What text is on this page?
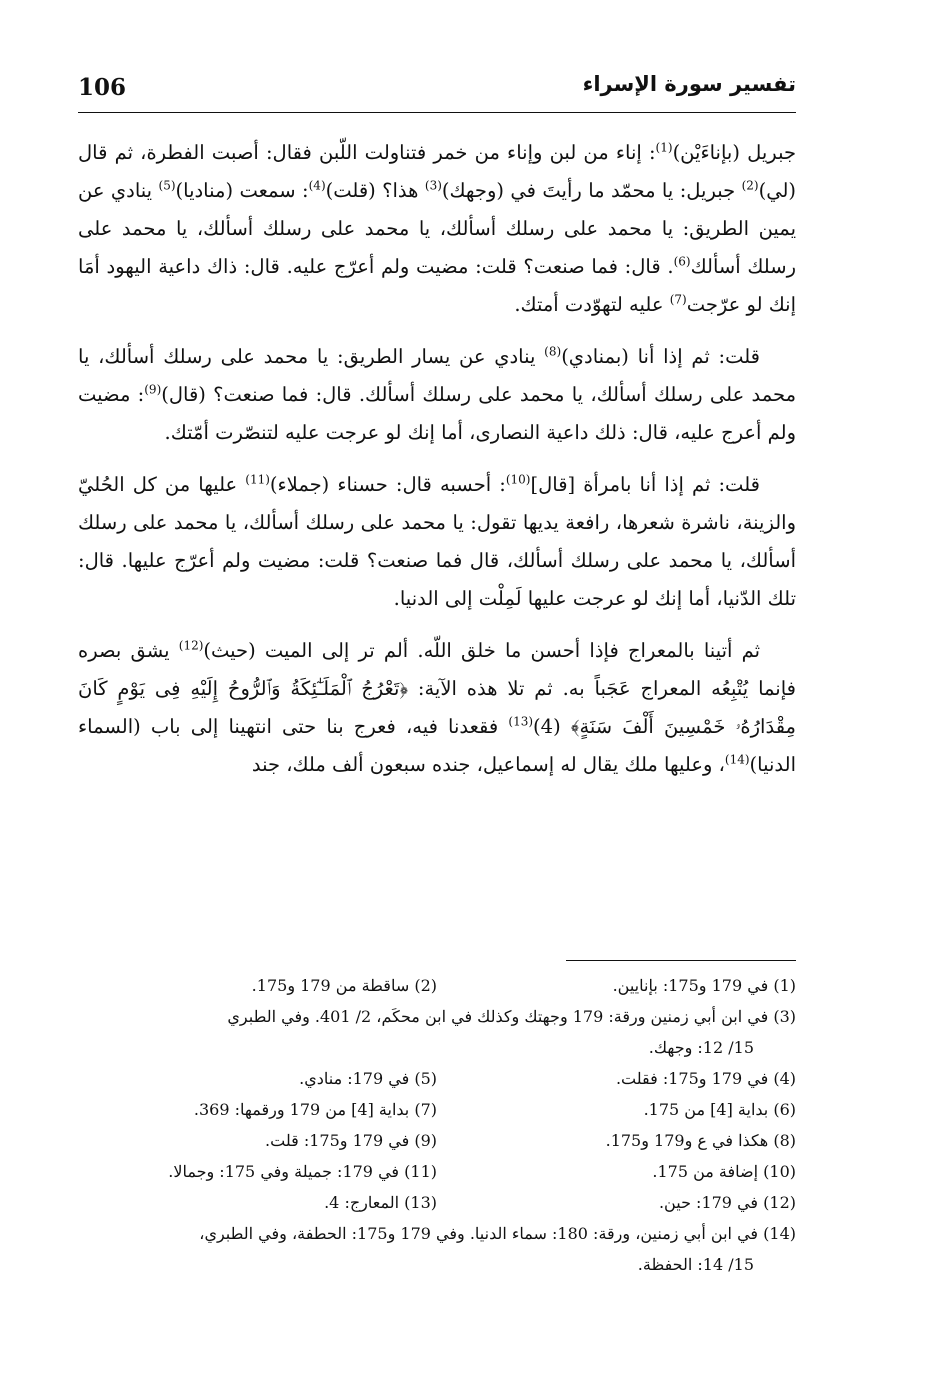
106	تفسير سورة الإسراء

جبريل (بإناءَيْن)$^{(1)}$: إناء من لبن وإناء من خمر فتناولت اللّبن فقال: أصبت الفطرة، ثم قال (لي)$^{(2)}$ جبريل: يا محمّد ما رأيتَ في (وجهك)$^{(3)}$ هذا؟ (قلت)$^{(4)}$: سمعت (مناديا)$^{(5)}$ ينادي عن يمين الطريق: يا محمد على رسلك أسألك، يا محمد على رسلك أسألك، يا محمد على رسلك أسألك$^{(6)}$. قال: فما صنعت؟ قلت: مضيت ولم أعرّج عليه. قال: ذاك داعية اليهود أمَا إنك لو عرّجت$^{(7)}$ عليه لتهوّدت أمتك.

قلت: ثم إذا أنا (بمنادي)$^{(8)}$ ينادي عن يسار الطريق: يا محمد على رسلك أسألك، يا محمد على رسلك أسألك، يا محمد على رسلك أسألك. قال: فما صنعت؟ (قال)$^{(9)}$: مضيت ولم أعرج عليه، قال: ذلك داعية النصارى، أما إنك لو عرجت عليه لتنصّرت أمّتك.

قلت: ثم إذا أنا بامرأة [قال]$^{(10)}$: أحسبه قال: حسناء (جملاء)$^{(11)}$ عليها من كل الحُليّ والزينة، ناشرة شعرها، رافعة يديها تقول: يا محمد على رسلك أسألك، يا محمد على رسلك أسألك، يا محمد على رسلك أسألك، قال فما صنعت؟ قلت: مضيت ولم أعرّج عليها. قال: تلك الدّنيا، أما إنك لو عرجت عليها لَمِلْت إلى الدنيا.

ثم أتينا بالمعراج فإذا أحسن ما خلق اللّه. ألم تر إلى الميت (حيث)$^{(12)}$ يشق بصره فإنما يُتْبِعُه المعراج عَجَباً به. ثم تلا هذه الآية: ﴿تَعْرُجُ ٱلْمَلَـٰٓئِكَةُ وَٱلرُّوحُ إِلَيْهِ فِى يَوْمٍ كَانَ مِقْدَارُهُۥ خَمْسِينَ أَلْفَ سَنَةٍ﴾ (4)$^{(13)}$ فقعدنا فيه، فعرج بنا حتى انتهينا إلى باب (السماء الدنيا)$^{(14)}$، وعليها ملك يقال له إسماعيل، جنده سبعون ألف ملك، جند

(1) في 179 و175: بإنايين.
(2) ساقطة من 179 و175.
(3) في ابن أبي زمنين ورقة: 179 وجهتك وكذلك في ابن محكَم، 2/ 401. وفي الطبري
15/ 12: وجهك.
(4) في 179 و175: فقلت.
(5) في 179: منادي.
(6) بداية [4] من 175.
(7) بداية [4] من 179 ورقمها: 369.
(8) هكذا في ع و179 و175.
(9) في 179 و175: قلت.
(10) إضافة من 175.
(11) في 179: جميلة وفي 175: وجمالا.
(12) في 179: حين.
(13) المعارج: 4.
(14) في ابن أبي زمنين، ورقة: 180: سماء الدنيا. وفي 179 و175: الحطفة، وفي الطبري،
15/ 14: الحفظة.
